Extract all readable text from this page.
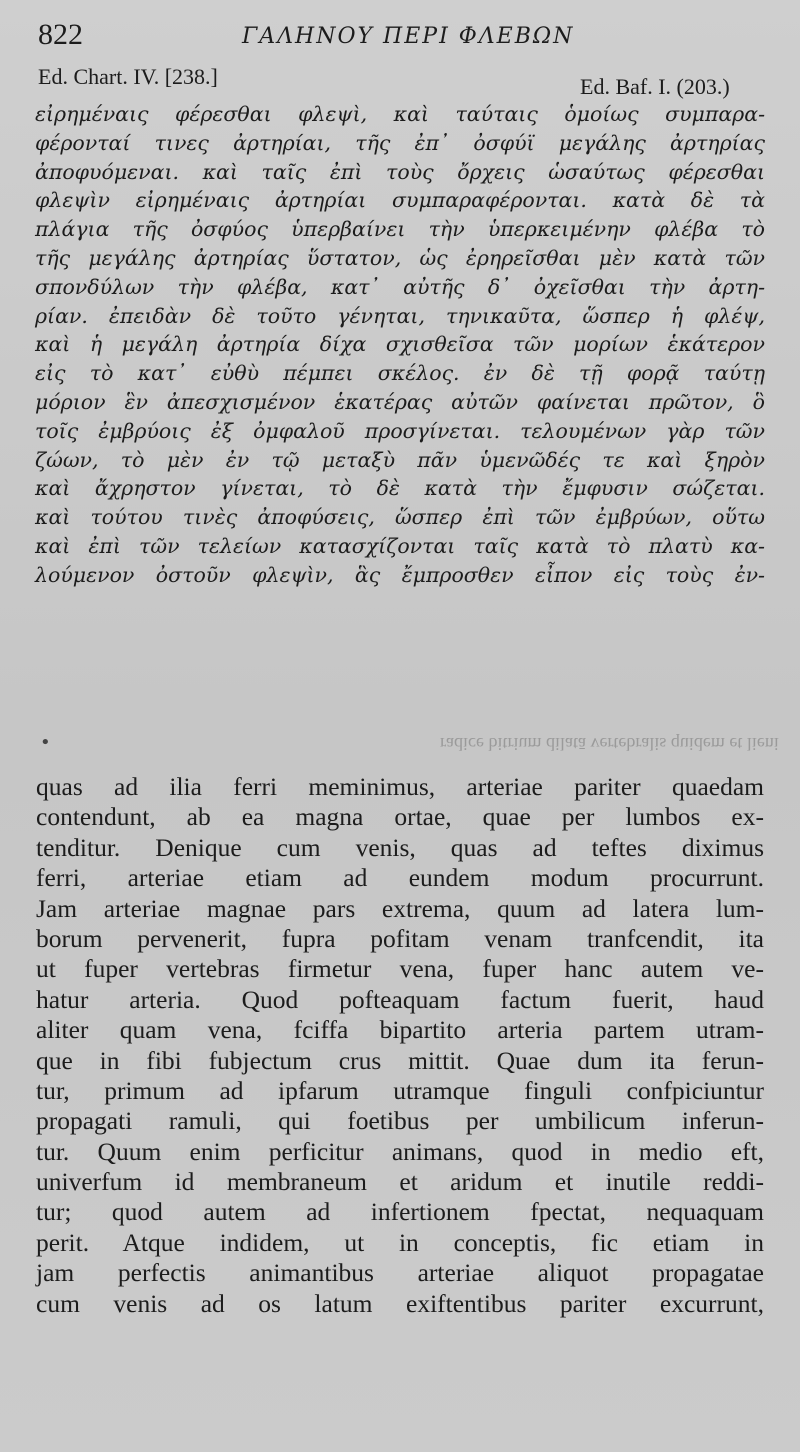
822	ΓΑΛΗΝΟΥ ΠΕΡΙ ΦΛΕΒΩΝ
Ed. Chart. IV. [238.]	Ed. Baf. I. (203.)
εἰρημέναις φέρεσθαι φλεψὶ, καὶ ταύταις ὁμοίως συμπαρα-
φέρονταί τινες ἀρτηρίαι, τῆς ἐπ᾽ ὀσφύϊ μεγάλης ἀρτηρίας
ἀποφυόμεναι. καὶ ταῖς ἐπὶ τοὺς ὄρχεις ὡσαύτως φέρεσθαι
φλεψὶν εἰρημέναις ἀρτηρίαι συμπαραφέρονται. κατὰ δὲ τὰ
πλάγια τῆς ὀσφύος ὑπερβαίνει τὴν ὑπερκειμένην φλέβα τὸ
τῆς μεγάλης ἀρτηρίας ὕστατον, ὡς ἐρηρεῖσθαι μὲν κατὰ τῶν
σπονδύλων τὴν φλέβα, κατ᾽ αὐτῆς δ᾽ ὀχεῖσθαι τὴν ἀρτη-
ρίαν. ἐπειδὰν δὲ τοῦτο γένηται, τηνικαῦτα, ὥσπερ ἡ φλέψ,
καὶ ἡ μεγάλη ἀρτηρία δίχα σχισθεῖσα τῶν μορίων ἑκάτερον
εἰς τὸ κατ᾽ εὐθὺ πέμπει σκέλος. ἐν δὲ τῇ φορᾷ ταύτῃ
μόριον ἓν ἀπεσχισμένον ἑκατέρας αὐτῶν φαίνεται πρῶτον, ὃ
τοῖς ἐμβρύοις ἐξ ὀμφαλοῦ προσγίνεται. τελουμένων γὰρ τῶν
ζώων, τὸ μὲν ἐν τῷ μεταξὺ πᾶν ὑμενῶδές τε καὶ ξηρὸν
καὶ ἄχρηστον γίνεται, τὸ δὲ κατὰ τὴν ἔμφυσιν σώζεται.
καὶ τούτου τινὲς ἀποφύσεις, ὥσπερ ἐπὶ τῶν ἐμβρύων, οὕτω
καὶ ἐπὶ τῶν τελείων κατασχίζονται ταῖς κατὰ τὸ πλατὺ κα-
λούμενον ὀστοῦν φλεψὶν, ἃς ἔμπροσθεν εἶπον εἰς τοὺς ἐν-
•	radice bitrium dilatā vertebralis quidem et lieni
quas ad ilia ferri meminimus, arteriae pariter quaedam
contendunt, ab ea magna ortae, quae per lumbos ex-
tenditur. Denique cum venis, quas ad teftes diximus
ferri, arteriae etiam ad eundem modum procurrunt.
Jam arteriae magnae pars extrema, quum ad latera lum-
borum pervenerit, fupra pofitam venam tranfcendit, ita
ut fuper vertebras firmetur vena, fuper hanc autem ve-
hatur arteria. Quod pofteaquam factum fuerit, haud
aliter quam vena, fciffa bipartito arteria partem utram-
que in fibi fubjectum crus mittit. Quae dum ita ferun-
tur, primum ad ipfarum utramque finguli confpiciuntur
propagati ramuli, qui foetibus per umbilicum inferun-
tur. Quum enim perficitur animans, quod in medio eft,
univerfum id membraneum et aridum et inutile reddi-
tur; quod autem ad infertionem fpectat, nequaquam
perit. Atque indidem, ut in conceptis, fic etiam in
jam perfectis animantibus arteriae aliquot propagatae
cum venis ad os latum exiftentibus pariter excurrunt,
